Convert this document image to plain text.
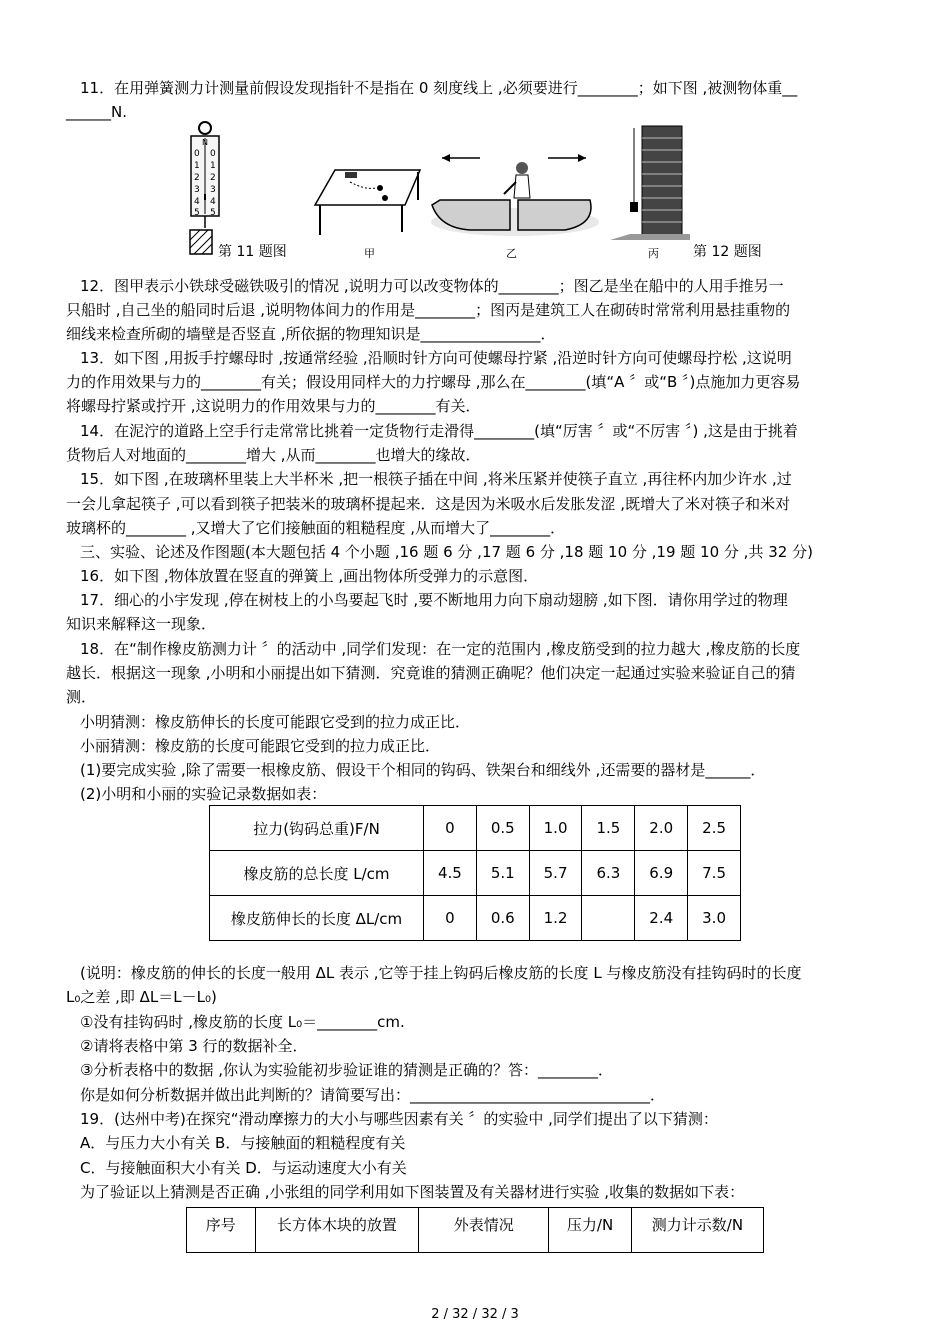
11．在用弹簧测力计测量前假设发现指针不是指在 0 刻度线上 ,必须要进行________；如下图 ,被测物体重__
______N.
N
0
1
2
3
4
5
0
1
2
3
4
5
第 11 题图	甲	乙	丙 第 12 题图
12．图甲表示小铁球受磁铁吸引的情况 ,说明力可以改变物体的________；图乙是坐在船中的人用手推另一
只船时 ,自己坐的船同时后退 ,说明物体间力的作用是________；图丙是建筑工人在砌砖时常常利用悬挂重物的
细线来检查所砌的墙壁是否竖直 ,所依据的物理知识是________________．
13．如下图 ,用扳手拧螺母时 ,按通常经验 ,沿顺时针方向可使螺母拧紧 ,沿逆时针方向可使螺母拧松 ,这说明
力的作用效果与力的________有关；假设用同样大的力拧螺母 ,那么在________(填“A 〞或“B 〞)点施加力更容易
将螺母拧紧或拧开 ,这说明力的作用效果与力的________有关．
14．在泥泞的道路上空手行走常常比挑着一定货物行走滑得________(填“厉害 〞或“不厉害 〞) ,这是由于挑着
货物后人对地面的________增大 ,从而________也增大的缘故．
15．如下图 ,在玻璃杯里装上大半杯米 ,把一根筷子插在中间 ,将米压紧并使筷子直立 ,再往杯内加少许水 ,过
一会儿拿起筷子 ,可以看到筷子把装米的玻璃杯提起来．这是因为米吸水后发胀发涩 ,既增大了米对筷子和米对
玻璃杯的________ ,又增大了它们接触面的粗糙程度 ,从而增大了________．
三、实验、论述及作图题(本大题包括 4 个小题 ,16 题 6 分 ,17 题 6 分 ,18 题 10 分 ,19 题 10 分 ,共 32 分)
16．如下图 ,物体放置在竖直的弹簧上 ,画出物体所受弹力的示意图．
17．细心的小宇发现 ,停在树枝上的小鸟要起飞时 ,要不断地用力向下扇动翅膀 ,如下图．请你用学过的物理
知识来解释这一现象．
18．在“制作橡皮筋测力计 〞的活动中 ,同学们发现：在一定的范围内 ,橡皮筋受到的拉力越大 ,橡皮筋的长度
越长．根据这一现象 ,小明和小丽提出如下猜测．究竟谁的猜测正确呢？他们决定一起通过实验来验证自己的猜
测．
小明猜测：橡皮筋伸长的长度可能跟它受到的拉力成正比．
小丽猜测：橡皮筋的长度可能跟它受到的拉力成正比．
(1)要完成实验 ,除了需要一根橡皮筋、假设干个相同的钩码、铁架台和细线外 ,还需要的器材是______．
(2)小明和小丽的实验记录数据如表：
拉力(钩码总重)F/N	0	0.5	1.0	1.5	2.0	2.5
橡皮筋的总长度 L/cm	4.5	5.1	5.7	6.3	6.9	7.5
橡皮筋伸长的长度 ΔL/cm	0	0.6	1.2		2.4	3.0
(说明：橡皮筋的伸长的长度一般用 ΔL 表示 ,它等于挂上钩码后橡皮筋的长度 L 与橡皮筋没有挂钩码时的长度
L₀之差 ,即 ΔL＝L－L₀)
①没有挂钩码时 ,橡皮筋的长度 L₀＝________cm.
②请将表格中第 3 行的数据补全．
③分析表格中的数据 ,你认为实验能初步验证谁的猜测是正确的？答：________．
你是如何分析数据并做出此判断的？请简要写出：________________________________．
19．(达州中考)在探究“滑动摩擦力的大小与哪些因素有关 〞的实验中 ,同学们提出了以下猜测：
A．与压力大小有关 B．与接触面的粗糙程度有关
C．与接触面积大小有关 D．与运动速度大小有关
为了验证以上猜测是否正确 ,小张组的同学利用如下图装置及有关器材进行实验 ,收集的数据如下表：
序号	长方体木块的放置	外表情况	压力/N	测力计示数/N
2 / 32 / 32 / 3
